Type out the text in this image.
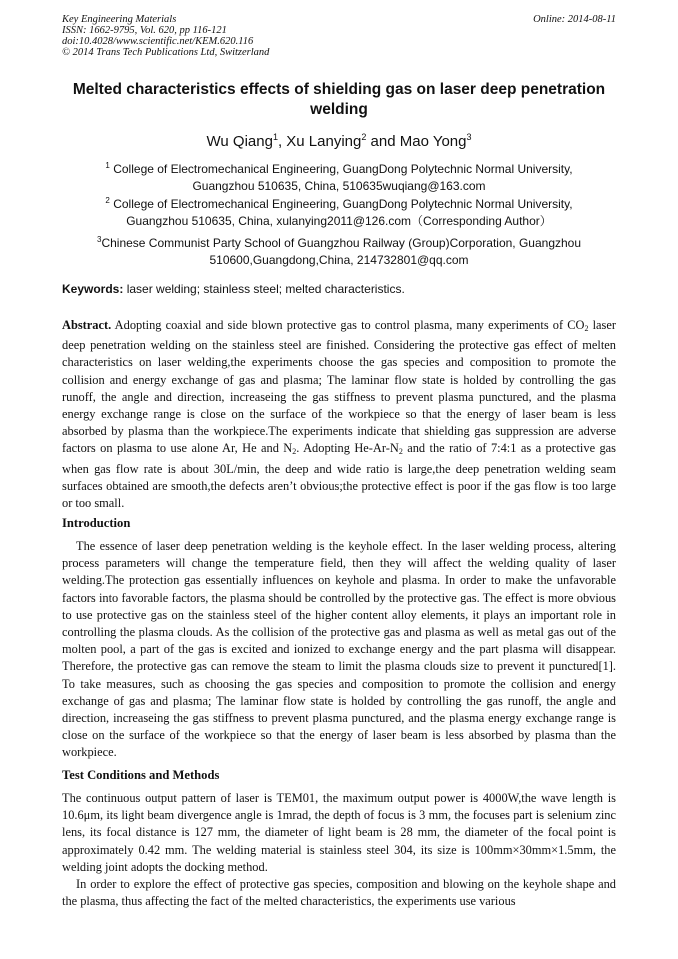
Key Engineering Materials
ISSN: 1662-9795, Vol. 620, pp 116-121
doi:10.4028/www.scientific.net/KEM.620.116
© 2014 Trans Tech Publications Ltd, Switzerland
Online: 2014-08-11
Melted characteristics effects of shielding gas on laser deep penetration welding
Wu Qiang$^1$, Xu Lanying$^2$ and Mao Yong$^3$
$^1$ College of Electromechanical Engineering, GuangDong Polytechnic Normal University,
Guangzhou 510635, China, 510635wuqiang@163.com
$^2$ College of Electromechanical Engineering, GuangDong Polytechnic Normal University,
Guangzhou 510635, China, xulanying2011@126.com（Corresponding Author）
$^3$Chinese Communist Party School of Guangzhou Railway (Group)Corporation, Guangzhou
510600,Guangdong,China, 214732801@qq.com
Keywords: laser welding; stainless steel; melted characteristics.
Abstract. Adopting coaxial and side blown protective gas to control plasma, many experiments of $CO_2$ laser deep penetration welding on the stainless steel are finished. Considering the protective gas effect of melten characteristics on laser welding,the experiments choose the gas species and composition to promote the collision and energy exchange of gas and plasma; The laminar flow state is holded by controlling the gas runoff, the angle and direction, increaseing the gas stiffness to prevent plasma punctured, and the plasma energy exchange range is close on the surface of the workpiece so that the energy of laser beam is less absorbed by plasma than the workpiece.The experiments indicate that shielding gas suppression are adverse factors on plasma to use alone Ar, He and $N_2$. Adopting $He-Ar-N_2$ and the ratio of 7:4:1 as a protective gas when gas flow rate is about 30L/min, the deep and wide ratio is large,the deep penetration welding seam surfaces obtained are smooth,the defects aren’t obvious;the protective effect is poor if the gas flow is too large or too small.
Introduction
The essence of laser deep penetration welding is the keyhole effect. In the laser welding process, altering process parameters will change the temperature field, then they will affect the welding quality of laser welding.The protection gas essentially influences on keyhole and plasma. In order to make the unfavorable factors into favorable factors, the plasma should be controlled by the protective gas. The effect is more obvious to use protective gas on the stainless steel of the higher content alloy elements, it plays an important role in controlling the plasma clouds. As the collision of the protective gas and plasma as well as metal gas out of the molten pool, a part of the gas is excited and ionized to exchange energy and the part plasma will disappear. Therefore, the protective gas can remove the steam to limit the plasma clouds size to prevent it punctured[1]. To take measures, such as choosing the gas species and composition to promote the collision and energy exchange of gas and plasma; The laminar flow state is holded by controlling the gas runoff, the angle and direction, increaseing the gas stiffness to prevent plasma punctured, and the plasma energy exchange range is close on the surface of the workpiece so that the energy of laser beam is less absorbed by plasma than the workpiece.
Test Conditions and Methods

The continuous output pattern of laser is TEM01, the maximum output power is 4000W,the wave length is 10.6μm, its light beam divergence angle is 1mrad, the depth of focus is 3 mm, the focuses part is selenium zinc lens, its focal distance is 127 mm, the diameter of light beam is 28 mm, the diameter of the focal point is approximately 0.42 mm. The welding material is stainless steel 304, its size is 100mm×30mm×1.5mm, the welding joint adopts the docking method.

In order to explore the effect of protective gas species, composition and blowing on the keyhole shape and the plasma, thus affecting the fact of the melted characteristics, the experiments use various
